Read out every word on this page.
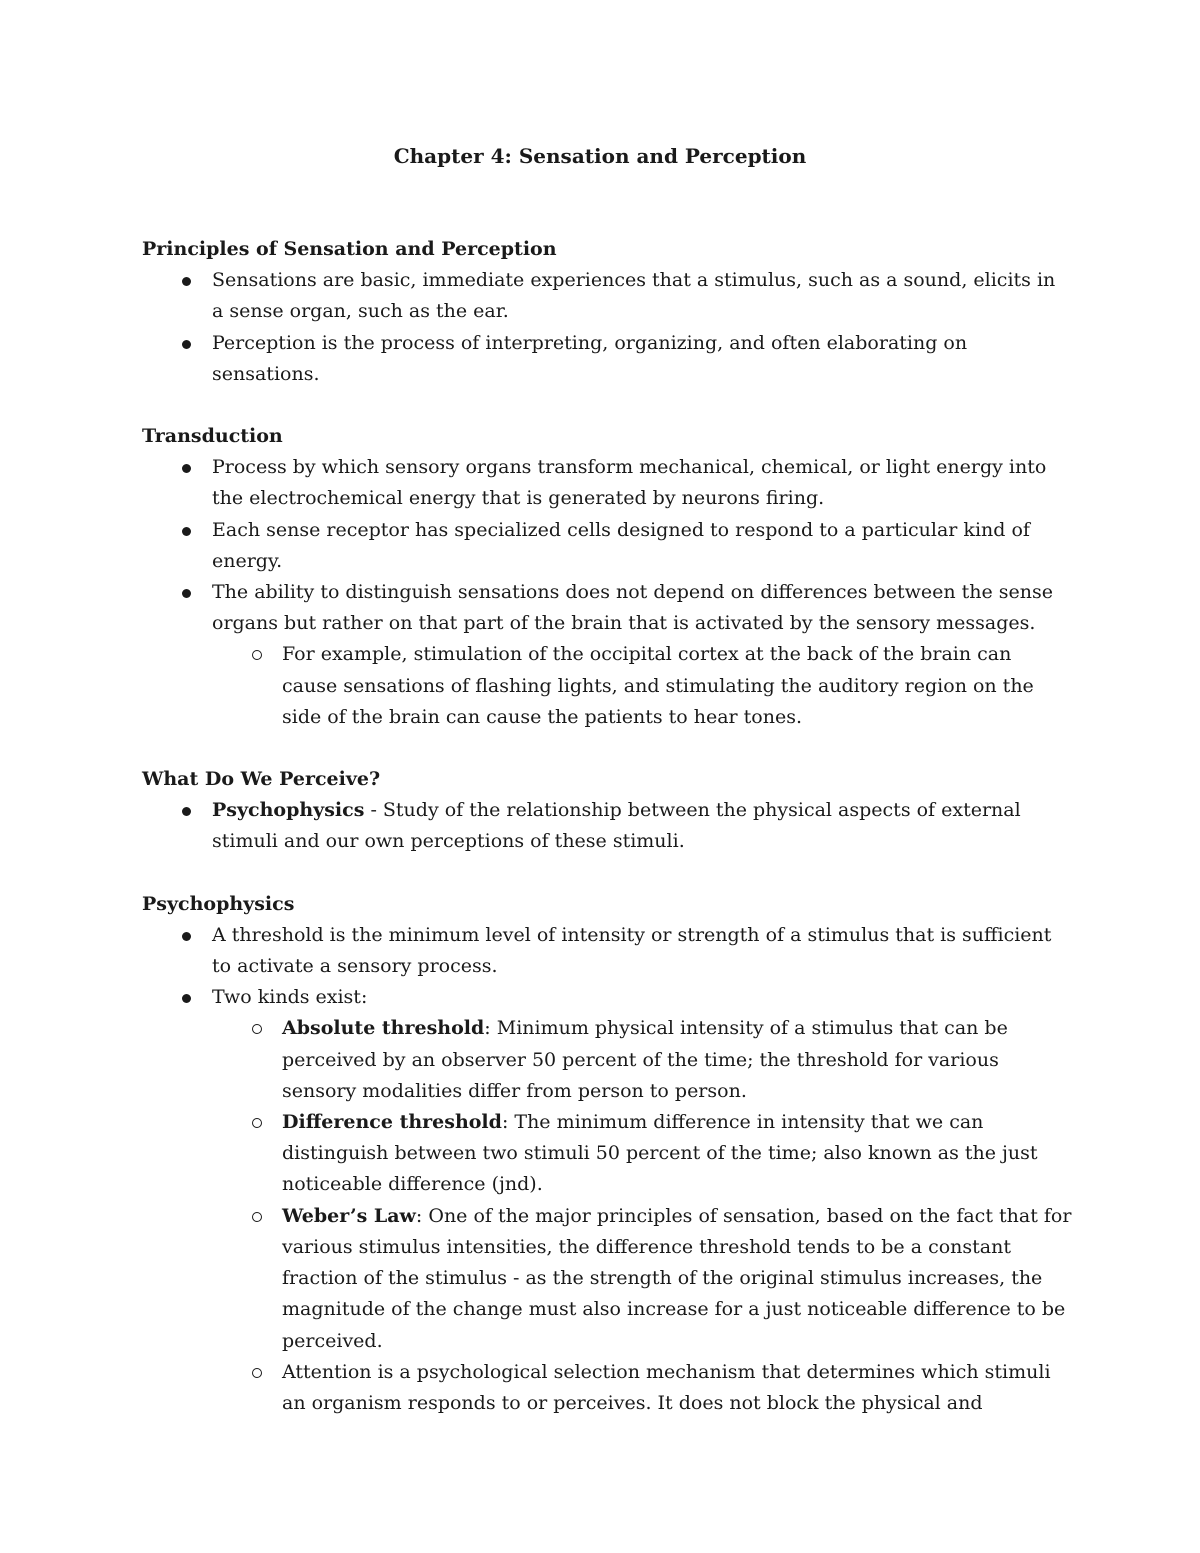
Chapter 4: Sensation and Perception

Principles of Sensation and Perception

Sensations are basic, immediate experiences that a stimulus, such as a sound, elicits in a sense organ, such as the ear.
Perception is the process of interpreting, organizing, and often elaborating on sensations.

Transduction

Process by which sensory organs transform mechanical, chemical, or light energy into the electrochemical energy that is generated by neurons firing.
Each sense receptor has specialized cells designed to respond to a particular kind of energy.
The ability to distinguish sensations does not depend on differences between the sense organs but rather on that part of the brain that is activated by the sensory messages.
For example, stimulation of the occipital cortex at the back of the brain can cause sensations of flashing lights, and stimulating the auditory region on the side of the brain can cause the patients to hear tones.

What Do We Perceive?

Psychophysics - Study of the relationship between the physical aspects of external stimuli and our own perceptions of these stimuli.

Psychophysics

A threshold is the minimum level of intensity or strength of a stimulus that is sufficient to activate a sensory process.
Two kinds exist:
Absolute threshold: Minimum physical intensity of a stimulus that can be perceived by an observer 50 percent of the time; the threshold for various sensory modalities differ from person to person.
Difference threshold: The minimum difference in intensity that we can distinguish between two stimuli 50 percent of the time; also known as the just noticeable difference (jnd).
Weber’s Law: One of the major principles of sensation, based on the fact that for various stimulus intensities, the difference threshold tends to be a constant fraction of the stimulus - as the strength of the original stimulus increases, the magnitude of the change must also increase for a just noticeable difference to be perceived.
Attention is a psychological selection mechanism that determines which stimuli an organism responds to or perceives. It does not block the physical and
